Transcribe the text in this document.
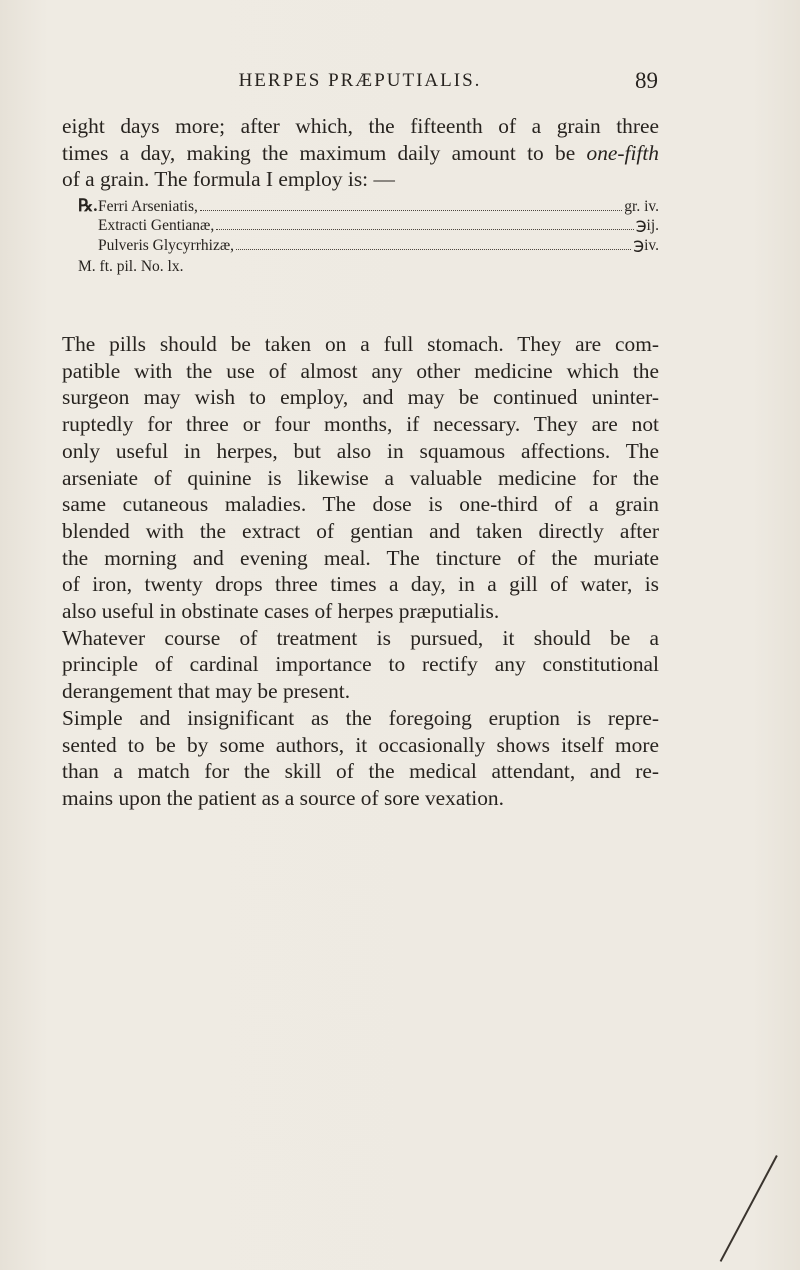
HERPES PRÆPUTIALIS.	89
eight days more; after which, the fifteenth of a grain three
times a day, making the maximum daily amount to be one-fifth
of a grain. The formula I employ is: —
℞. Ferri Arseniatis,	gr. iv.
Extracti Gentianæ,	℈ij.
Pulveris Glycyrrhizæ,	℈iv.
M. ft. pil. No. lx.
The pills should be taken on a full stomach. They are com-
patible with the use of almost any other medicine which the
surgeon may wish to employ, and may be continued uninter-
ruptedly for three or four months, if necessary. They are not
only useful in herpes, but also in squamous affections. The
arseniate of quinine is likewise a valuable medicine for the
same cutaneous maladies. The dose is one-third of a grain
blended with the extract of gentian and taken directly after
the morning and evening meal. The tincture of the muriate
of iron, twenty drops three times a day, in a gill of water, is
also useful in obstinate cases of herpes præputialis.
Whatever course of treatment is pursued, it should be a
principle of cardinal importance to rectify any constitutional
derangement that may be present.
Simple and insignificant as the foregoing eruption is repre-
sented to be by some authors, it occasionally shows itself more
than a match for the skill of the medical attendant, and re-
mains upon the patient as a source of sore vexation.
